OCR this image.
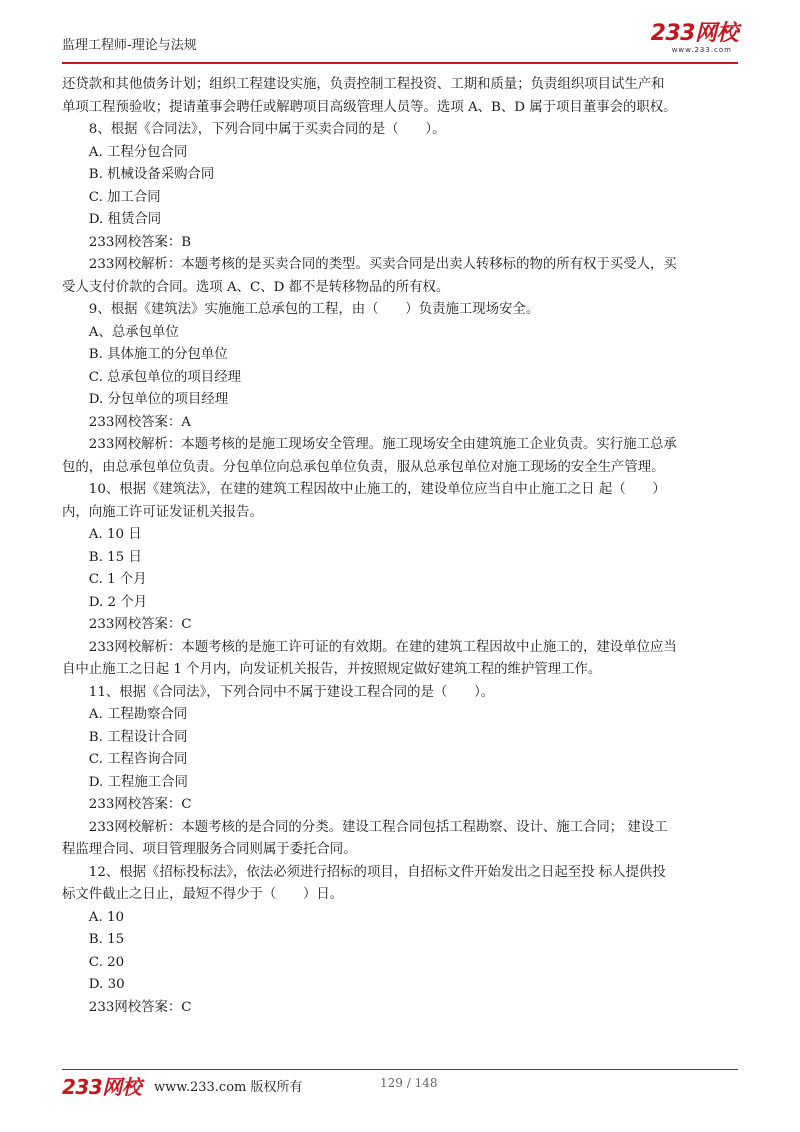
监理工程师-理论与法规	233网校
www.233.com

还贷款和其他债务计划；组织工程建设实施，负责控制工程投资、工期和质量；负责组织项目试生产和

单项工程预验收；提请董事会聘任或解聘项目高级管理人员等。选项 A、B、D 属于项目董事会的职权。

8、根据《合同法》，下列合同中属于买卖合同的是（　　）。

A. 工程分包合同

B. 机械设备采购合同

C. 加工合同

D. 租赁合同

233网校答案：B

233网校解析：本题考核的是买卖合同的类型。买卖合同是出卖人转移标的物的所有权于买受人，买

受人支付价款的合同。选项 A、C、D 都不是转移物品的所有权。

9、根据《建筑法》实施施工总承包的工程，由（　　）负责施工现场安全。

A、总承包单位

B. 具体施工的分包单位

C. 总承包单位的项目经理

D. 分包单位的项目经理

233网校答案：A

233网校解析：本题考核的是施工现场安全管理。施工现场安全由建筑施工企业负责。实行施工总承

包的，由总承包单位负责。分包单位向总承包单位负责，服从总承包单位对施工现场的安全生产管理。

10、根据《建筑法》，在建的建筑工程因故中止施工的，建设单位应当自中止施工之日 起（　　）

内，向施工许可证发证机关报告。

A. 10 日

B. 15 日

C. 1 个月

D. 2 个月

233网校答案：C

233网校解析：本题考核的是施工许可证的有效期。在建的建筑工程因故中止施工的，建设单位应当

自中止施工之日起 1 个月内，向发证机关报告，并按照规定做好建筑工程的维护管理工作。

11、根据《合同法》，下列合同中不属于建设工程合同的是（　　）。

A. 工程勘察合同

B. 工程设计合同

C. 工程咨询合同

D. 工程施工合同

233网校答案：C

233网校解析：本题考核的是合同的分类。建设工程合同包括工程勘察、设计、施工合同； 建设工

程监理合同、项目管理服务合同则属于委托合同。

12、根据《招标投标法》，依法必须进行招标的项目，自招标文件开始发出之日起至投 标人提供投

标文件截止之日止，最短不得少于（　　）日。

A. 10

B. 15

C. 20

D. 30

233网校答案：C

233网校 www.233.com 版权所有	129 / 148
